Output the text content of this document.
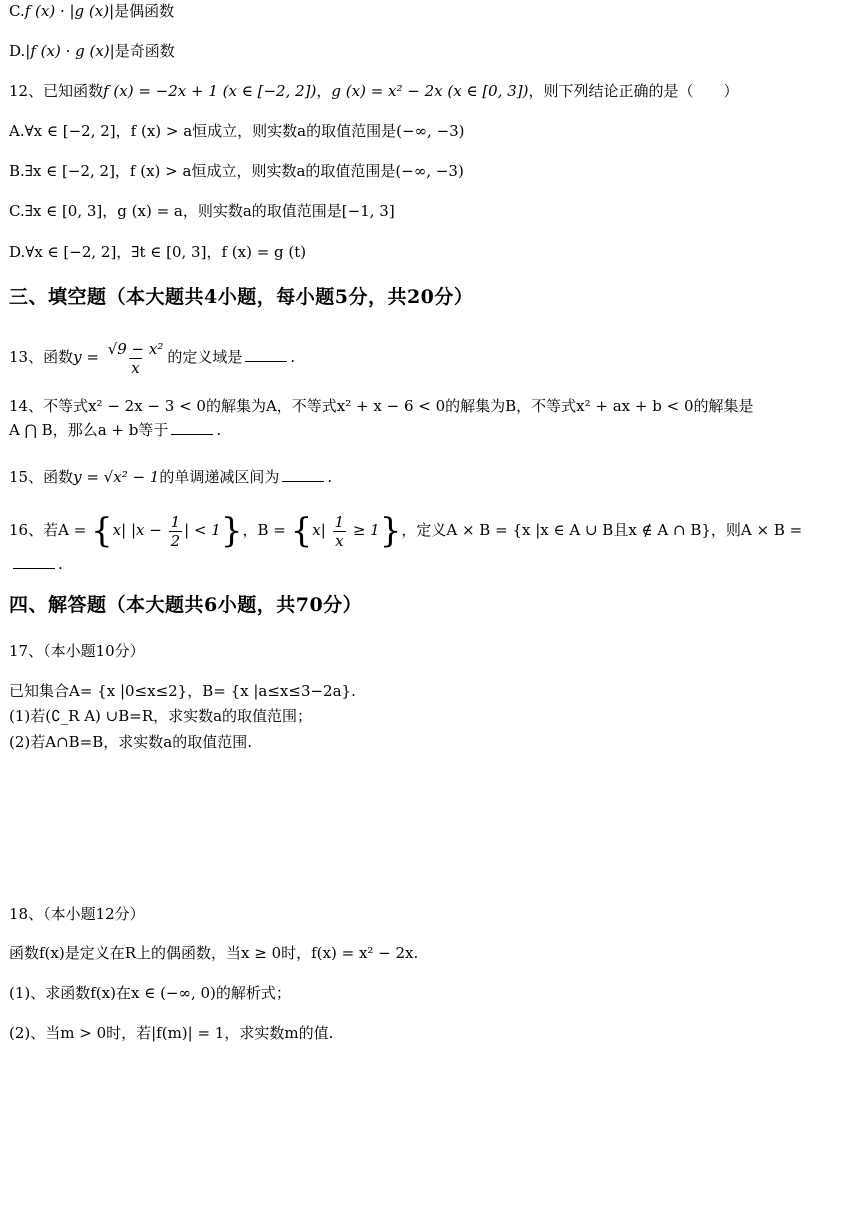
C.f (x) · |g (x)|是偶函数
D.|f (x) · g (x)|是奇函数
12、已知函数f (x) = −2x + 1 (x ∈ [−2, 2])，g (x) = x² − 2x (x ∈ [0, 3])，则下列结论正确的是（　　）
A.∀x ∈ [−2, 2]，f (x) > a恒成立，则实数a的取值范围是(−∞, −3)
B.∃x ∈ [−2, 2]，f (x) > a恒成立，则实数a的取值范围是(−∞, −3)
C.∃x ∈ [0, 3]，g (x) = a，则实数a的取值范围是[−1, 3]
D.∀x ∈ [−2, 2]，∃t ∈ [0, 3]，f (x) = g (t)
三、填空题（本大题共4小题，每小题5分，共20分）
13、函数$y = \frac{\text{√9 − x²}}{x}$ 的定义域是	.
14、不等式x² − 2x − 3 < 0的解集为A，不等式x² + x − 6 < 0的解集为B，不等式x² + ax + b < 0的解集是
A ⋂ B，那么a + b等于	.
15、函数y = √x² − 1的单调递减区间为	.
16、若A = {x| $|x - \frac{1}{2}$ | < 1}，$B = \{x| \frac{1}{x} \ge 1\}$，定义A × B = {x |x ∈ A ∪ B且x ∉ A ∩ B}，则A × B =
.
四、解答题（本大题共6小题，共70分）
17、（本小题10分）
已知集合A= {x |0≤x≤2}，B= {x |a≤x≤3−2a}.
(1)若(∁_R A) ∪B=R，求实数a的取值范围；
(2)若A∩B=B，求实数a的取值范围.
18、（本小题12分）
函数f(x)是定义在R上的偶函数，当x ≥ 0时，f(x) = x² − 2x.
(1)、求函数f(x)在x ∈ (−∞, 0)的解析式；
(2)、当m > 0时，若|f(m)| = 1，求实数m的值.
